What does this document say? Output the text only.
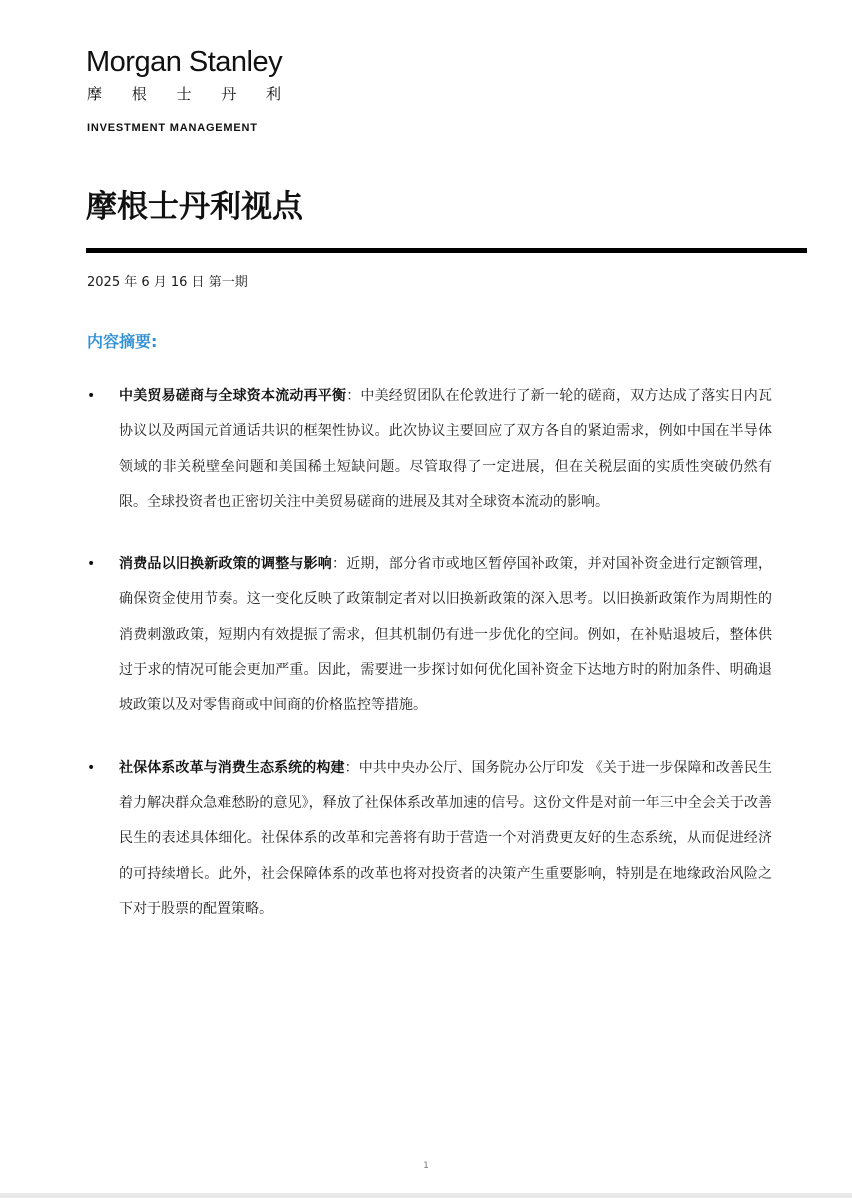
Morgan Stanley
摩 根 士 丹 利
INVESTMENT MANAGEMENT
摩根士丹利视点
2025 年 6 月 16 日 第一期
内容摘要:
• 中美贸易磋商与全球资本流动再平衡：中美经贸团队在伦敦进行了新一轮的磋商，双方达成了落实日内瓦协议以及两国元首通话共识的框架性协议。此次协议主要回应了双方各自的紧迫需求，例如中国在半导体领域的非关税壁垒问题和美国稀土短缺问题。尽管取得了一定进展，但在关税层面的实质性突破仍然有限。全球投资者也正密切关注中美贸易磋商的进展及其对全球资本流动的影响。
• 消费品以旧换新政策的调整与影响：近期，部分省市或地区暂停国补政策，并对国补资金进行定额管理，确保资金使用节奏。这一变化反映了政策制定者对以旧换新政策的深入思考。以旧换新政策作为周期性的消费刺激政策，短期内有效提振了需求，但其机制仍有进一步优化的空间。例如，在补贴退坡后，整体供过于求的情况可能会更加严重。因此，需要进一步探讨如何优化国补资金下达地方时的附加条件、明确退坡政策以及对零售商或中间商的价格监控等措施。
• 社保体系改革与消费生态系统的构建：中共中央办公厅、国务院办公厅印发 《关于进一步保障和改善民生 着力解决群众急难愁盼的意见》，释放了社保体系改革加速的信号。这份文件是对前一年三中全会关于改善民生的表述具体细化。社保体系的改革和完善将有助于营造一个对消费更友好的生态系统，从而促进经济的可持续增长。此外，社会保障体系的改革也将对投资者的决策产生重要影响，特别是在地缘政治风险之下对于股票的配置策略。
1
